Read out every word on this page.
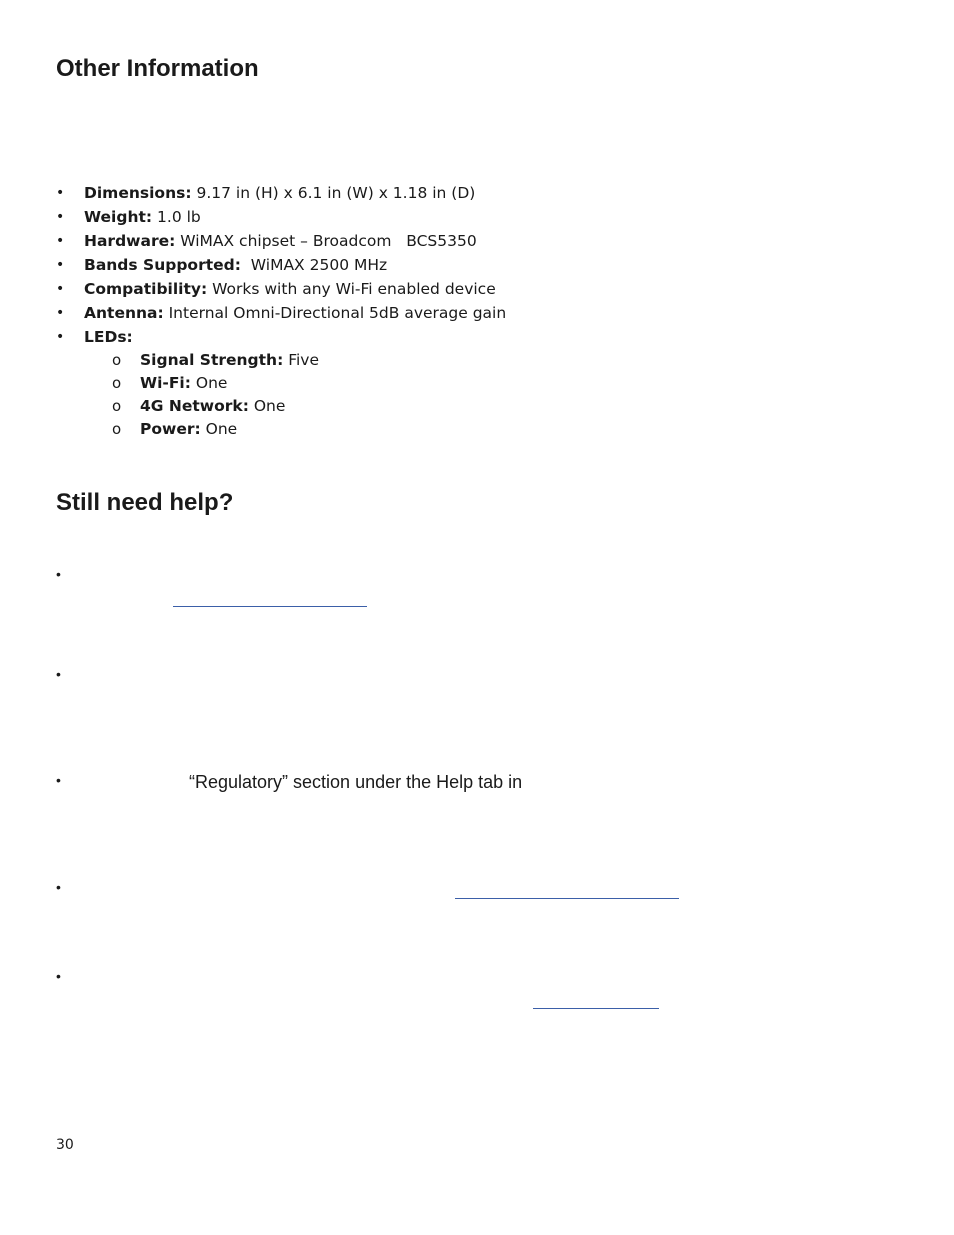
Other Information
• Dimensions: 9.17 in (H) x 6.1 in (W) x 1.18 in (D)
• Weight: 1.0 lb
• Hardware: WiMAX chipset – Broadcom   BCS5350
• Bands Supported:  WiMAX 2500 MHz
• Compatibility: Works with any Wi-Fi enabled device
• Antenna: Internal Omni-Directional 5dB average gain
• LEDs:
o Signal Strength: Five
o Wi-Fi: One
o 4G Network: One
o Power: One
Still need help?
•
•
•	“Regulatory” section under the Help tab in
•
•
30
